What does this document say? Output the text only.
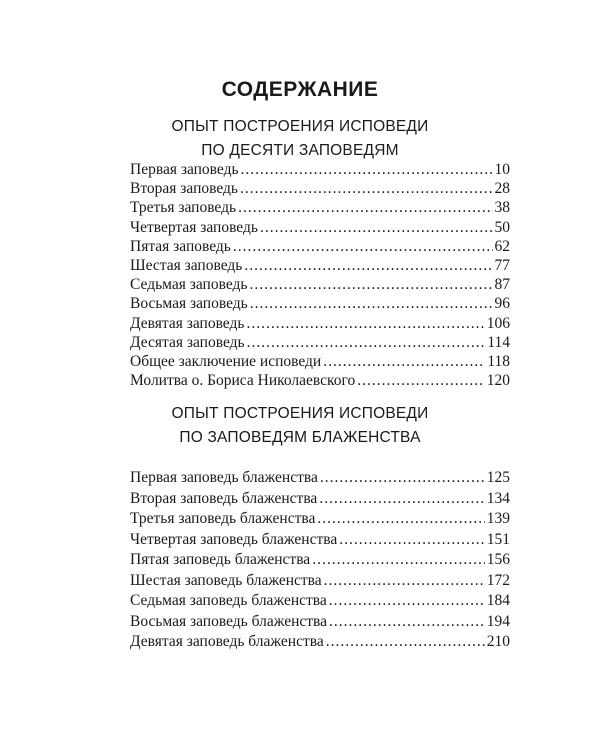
СОДЕРЖАНИЕ
ОПЫТ ПОСТРОЕНИЯ ИСПОВЕДИ
ПО ДЕСЯТИ ЗАПОВЕДЯМ
Первая заповедь .....	10
Вторая заповедь .....	28
Третья заповедь .....	38
Четвертая заповедь .....	50
Пятая заповедь .....	62
Шестая заповедь .....	77
Седьмая заповедь .....	87
Восьмая заповедь .....	96
Девятая заповедь .....	106
Десятая заповедь .....	114
Общее заключение исповеди .....	118
Молитва о. Бориса Николаевского .....	120
ОПЫТ ПОСТРОЕНИЯ ИСПОВЕДИ
ПО ЗАПОВЕДЯМ БЛАЖЕНСТВА
Первая заповедь блаженства .....	125
Вторая заповедь блаженства .....	134
Третья заповедь блаженства .....	139
Четвертая заповедь блаженства .....	151
Пятая заповедь блаженства .....	156
Шестая заповедь блаженства .....	172
Седьмая заповедь блаженства .....	184
Восьмая заповедь блаженства .....	194
Девятая заповедь блаженства .....	210
